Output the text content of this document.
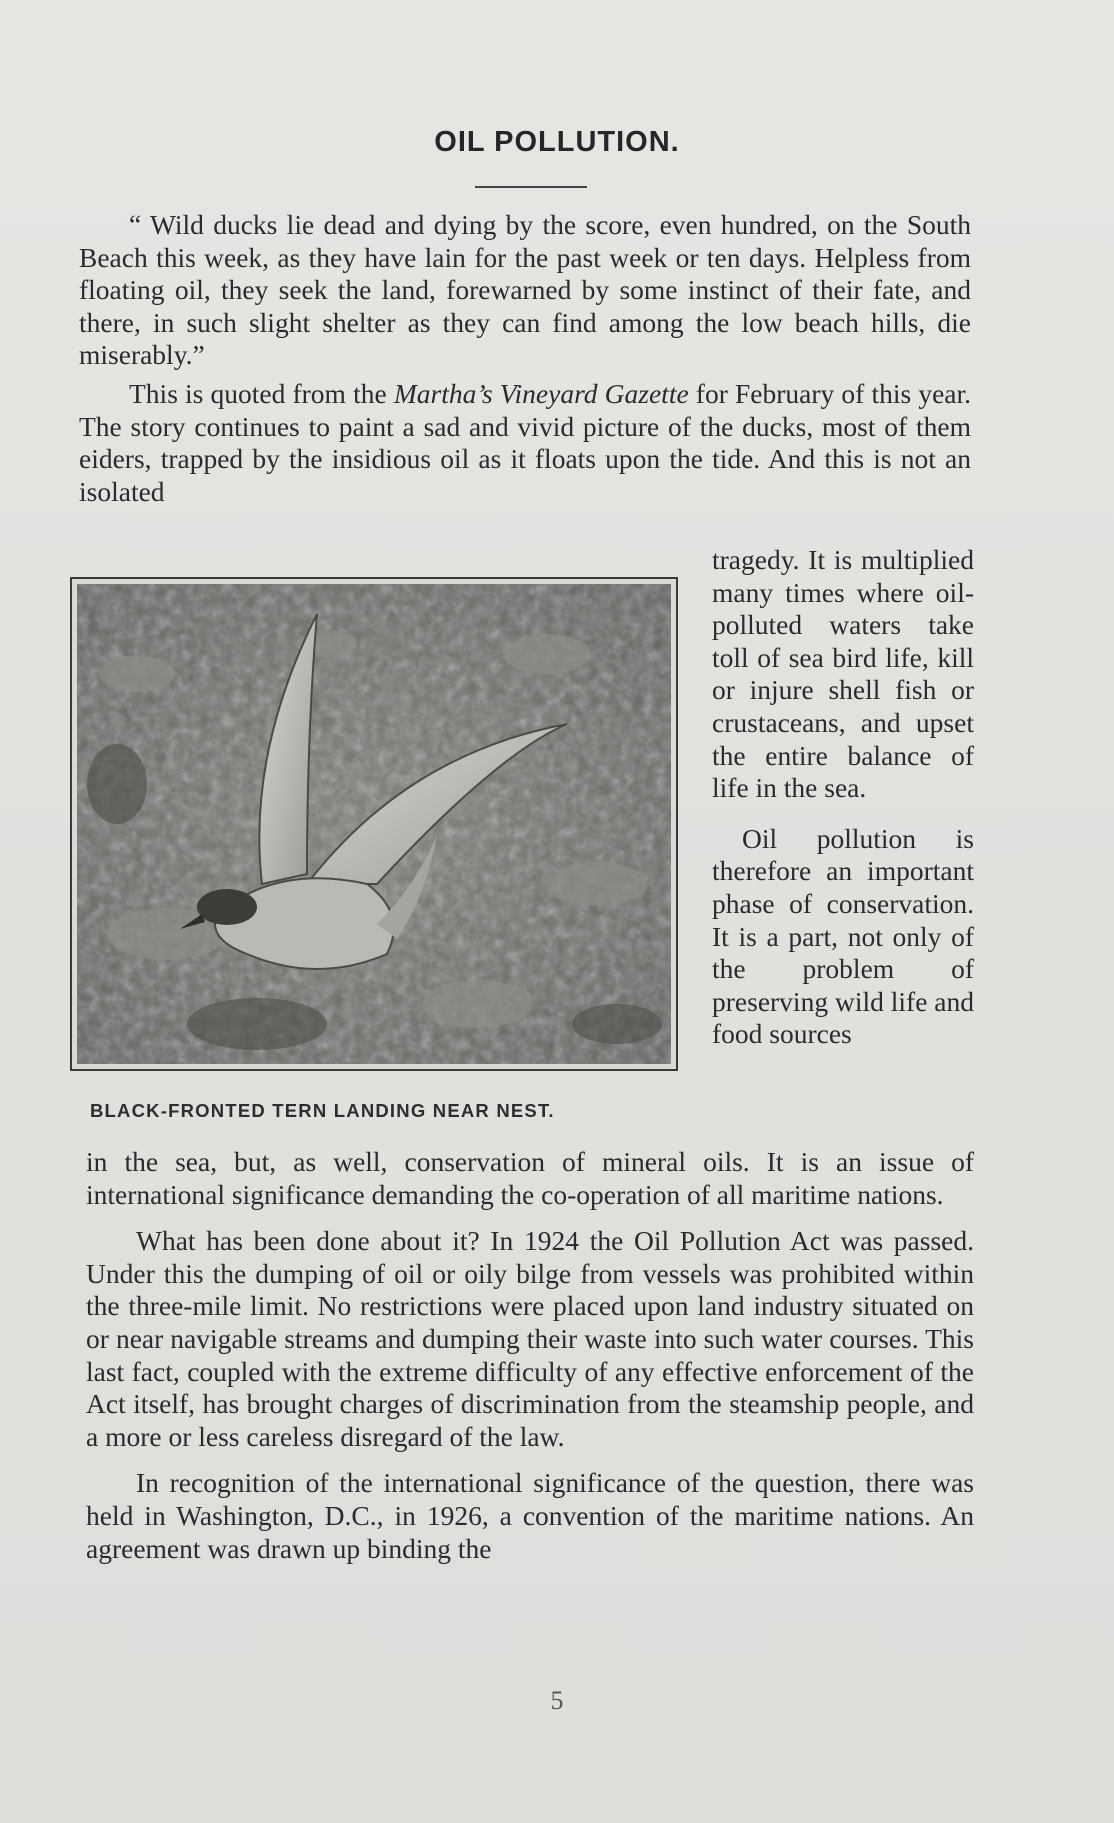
OIL POLLUTION.

“ Wild ducks lie dead and dying by the score, even hundred, on the South Beach this week, as they have lain for the past week or ten days. Helpless from floating oil, they seek the land, forewarned by some instinct of their fate, and there, in such slight shelter as they can find among the low beach hills, die miserably.”

This is quoted from the Martha’s Vineyard Gazette for February of this year. The story continues to paint a sad and vivid picture of the ducks, most of them eiders, trapped by the insidious oil as it floats upon the tide. And this is not an isolated

BLACK-FRONTED TERN LANDING NEAR NEST.

tragedy. It is multiplied many times where oil-polluted waters take toll of sea bird life, kill or injure shell fish or crustaceans, and upset the entire balance of life in the sea.

Oil pollution is therefore an important phase of conservation. It is a part, not only of the problem of preserving wild life and food sources

in the sea, but, as well, conservation of mineral oils. It is an issue of international significance demanding the co-operation of all maritime nations.

What has been done about it? In 1924 the Oil Pollution Act was passed. Under this the dumping of oil or oily bilge from vessels was prohibited within the three-mile limit. No restrictions were placed upon land industry situated on or near navigable streams and dumping their waste into such water courses. This last fact, coupled with the extreme difficulty of any effective enforcement of the Act itself, has brought charges of discrimination from the steamship people, and a more or less careless disregard of the law.

In recognition of the international significance of the question, there was held in Washington, D.C., in 1926, a convention of the maritime nations. An agreement was drawn up binding the

5
